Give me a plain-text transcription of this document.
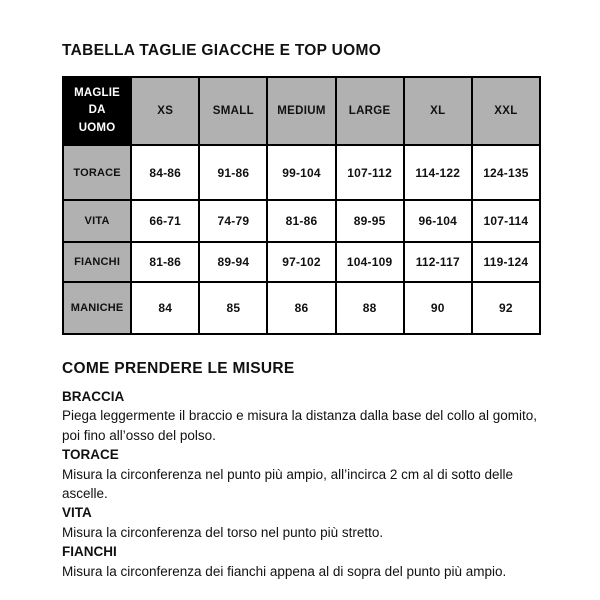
TABELLA TAGLIE GIACCHE E TOP UOMO
MAGLIE DA UOMO	XS	SMALL	MEDIUM	LARGE	XL	XXL
TORACE	84-86	91-86	99-104	107-112	114-122	124-135
VITA	66-71	74-79	81-86	89-95	96-104	107-114
FIANCHI	81-86	89-94	97-102	104-109	112-117	119-124
MANICHE	84	85	86	88	90	92
COME PRENDERE LE MISURE
BRACCIA

Piega leggermente il braccio e misura la distanza dalla base del collo al gomito, poi fino all’osso del polso.

TORACE

Misura la circonferenza nel punto più ampio, all’incirca 2 cm al di sotto delle ascelle.

VITA

Misura la circonferenza del torso nel punto più stretto.

FIANCHI

Misura la circonferenza dei fianchi appena al di sopra del punto più ampio.
